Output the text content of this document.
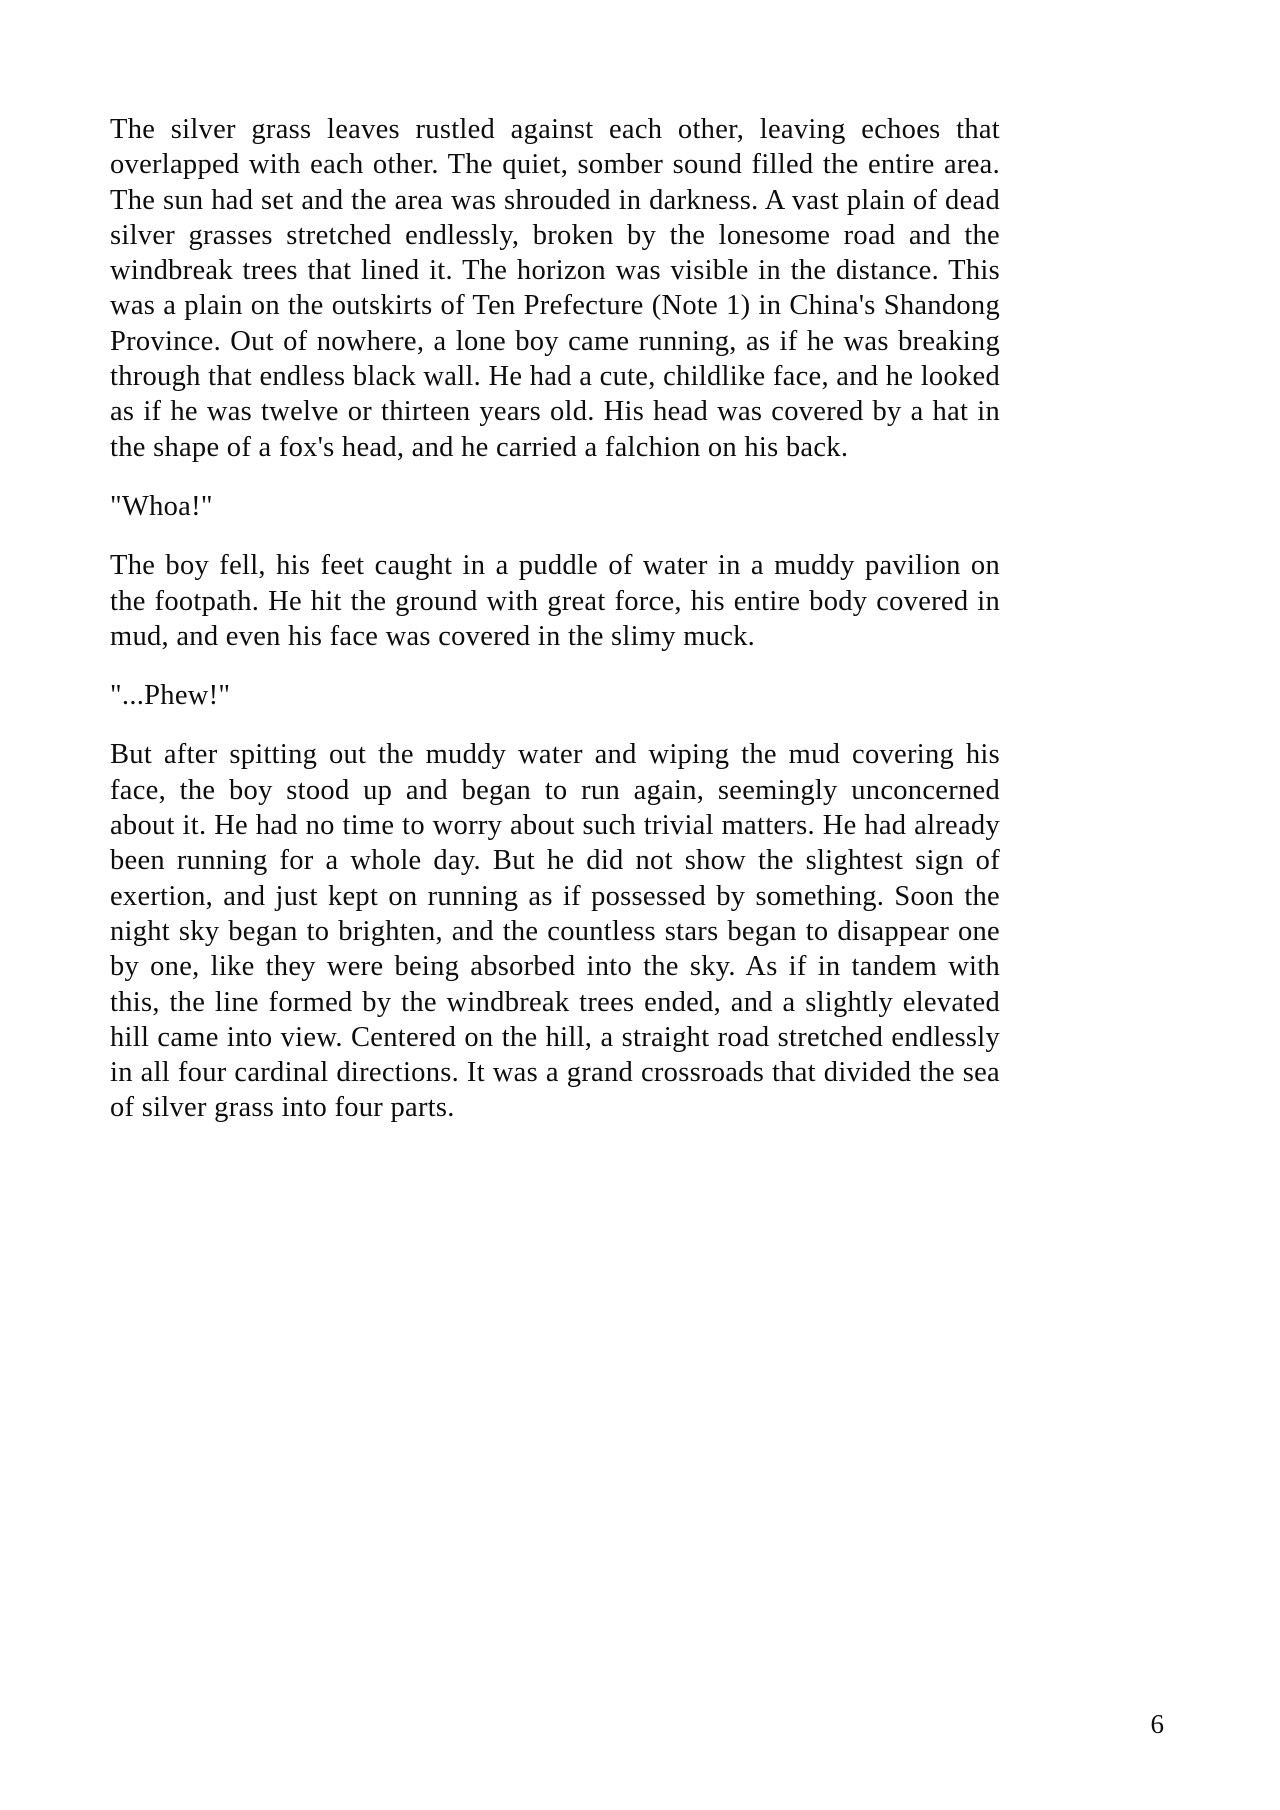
The silver grass leaves rustled against each other, leaving echoes that overlapped with each other. The quiet, somber sound filled the entire area. The sun had set and the area was shrouded in darkness. A vast plain of dead silver grasses stretched endlessly, broken by the lonesome road and the windbreak trees that lined it. The horizon was visible in the distance. This was a plain on the outskirts of Ten Prefecture (Note 1) in China's Shandong Province. Out of nowhere, a lone boy came running, as if he was breaking through that endless black wall. He had a cute, childlike face, and he looked as if he was twelve or thirteen years old. His head was covered by a hat in the shape of a fox's head, and he carried a falchion on his back.

"Whoa!"

The boy fell, his feet caught in a puddle of water in a muddy pavilion on the footpath. He hit the ground with great force, his entire body covered in mud, and even his face was covered in the slimy muck.

"...Phew!"

But after spitting out the muddy water and wiping the mud covering his face, the boy stood up and began to run again, seemingly unconcerned about it. He had no time to worry about such trivial matters. He had already been running for a whole day. But he did not show the slightest sign of exertion, and just kept on running as if possessed by something. Soon the night sky began to brighten, and the countless stars began to disappear one by one, like they were being absorbed into the sky. As if in tandem with this, the line formed by the windbreak trees ended, and a slightly elevated hill came into view. Centered on the hill, a straight road stretched endlessly in all four cardinal directions. It was a grand crossroads that divided the sea of silver grass into four parts.

6
